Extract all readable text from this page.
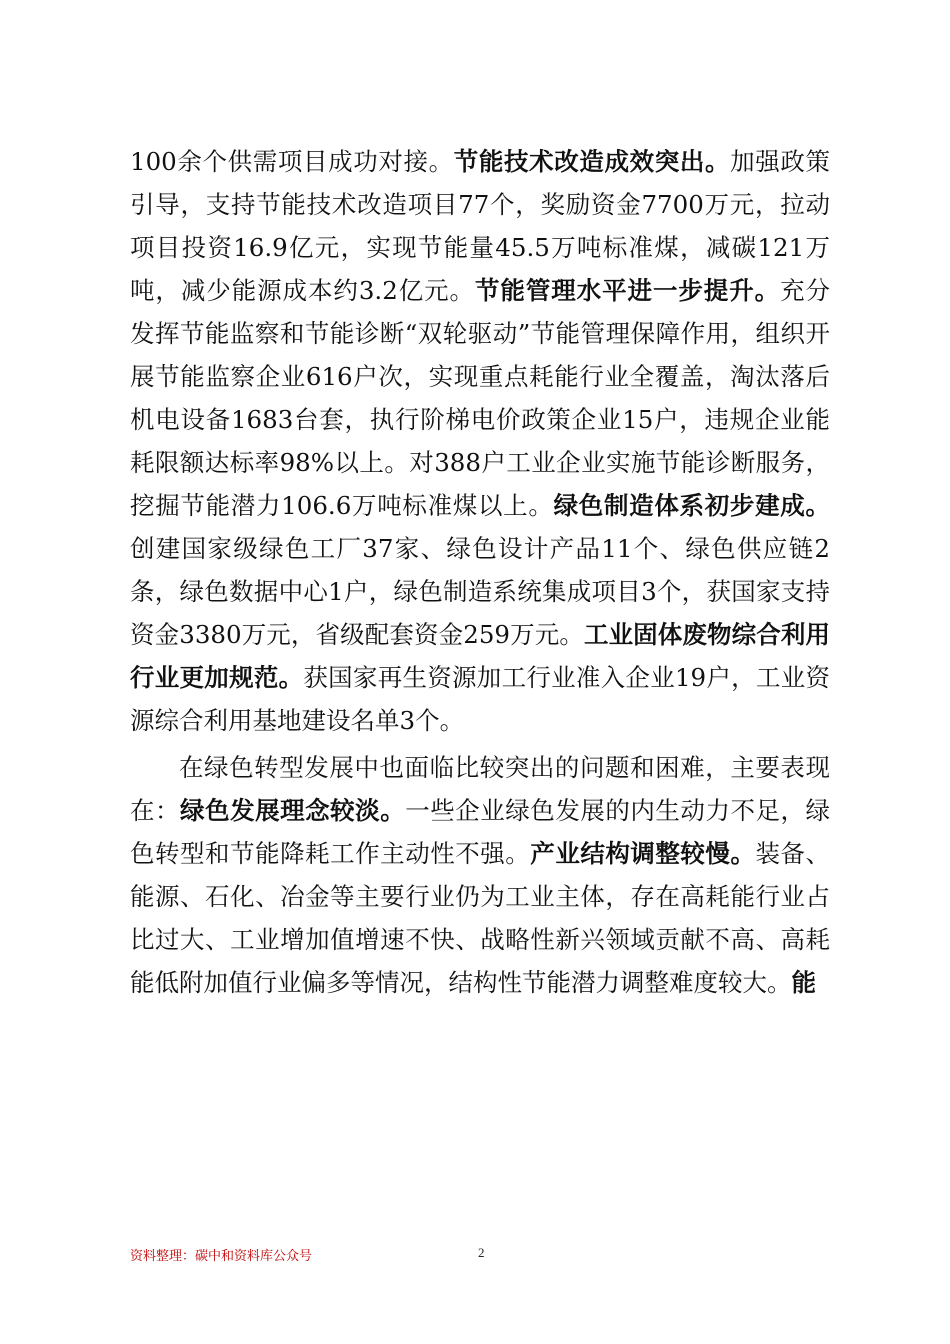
100余个供需项目成功对接。节能技术改造成效突出。加强政策引导，支持节能技术改造项目77个，奖励资金7700万元，拉动项目投资16.9亿元，实现节能量45.5万吨标准煤，减碳121万吨，减少能源成本约3.2亿元。节能管理水平进一步提升。充分发挥节能监察和节能诊断“双轮驱动”节能管理保障作用，组织开展节能监察企业616户次，实现重点耗能行业全覆盖，淘汰落后机电设备1683台套，执行阶梯电价政策企业15户，违规企业能耗限额达标率98%以上。对388户工业企业实施节能诊断服务，挖掘节能潜力106.6万吨标准煤以上。绿色制造体系初步建成。创建国家级绿色工厂37家、绿色设计产品11个、绿色供应链2条，绿色数据中心1户，绿色制造系统集成项目3个，获国家支持资金3380万元，省级配套资金259万元。工业固体废物综合利用行业更加规范。获国家再生资源加工行业准入企业19户，工业资源综合利用基地建设名单3个。

在绿色转型发展中也面临比较突出的问题和困难，主要表现在：绿色发展理念较淡。一些企业绿色发展的内生动力不足，绿色转型和节能降耗工作主动性不强。产业结构调整较慢。装备、能源、石化、冶金等主要行业仍为工业主体，存在高耗能行业占比过大、工业增加值增速不快、战略性新兴领域贡献不高、高耗能低附加值行业偏多等情况，结构性节能潜力调整难度较大。能

资料整理：碳中和资料库公众号	2
